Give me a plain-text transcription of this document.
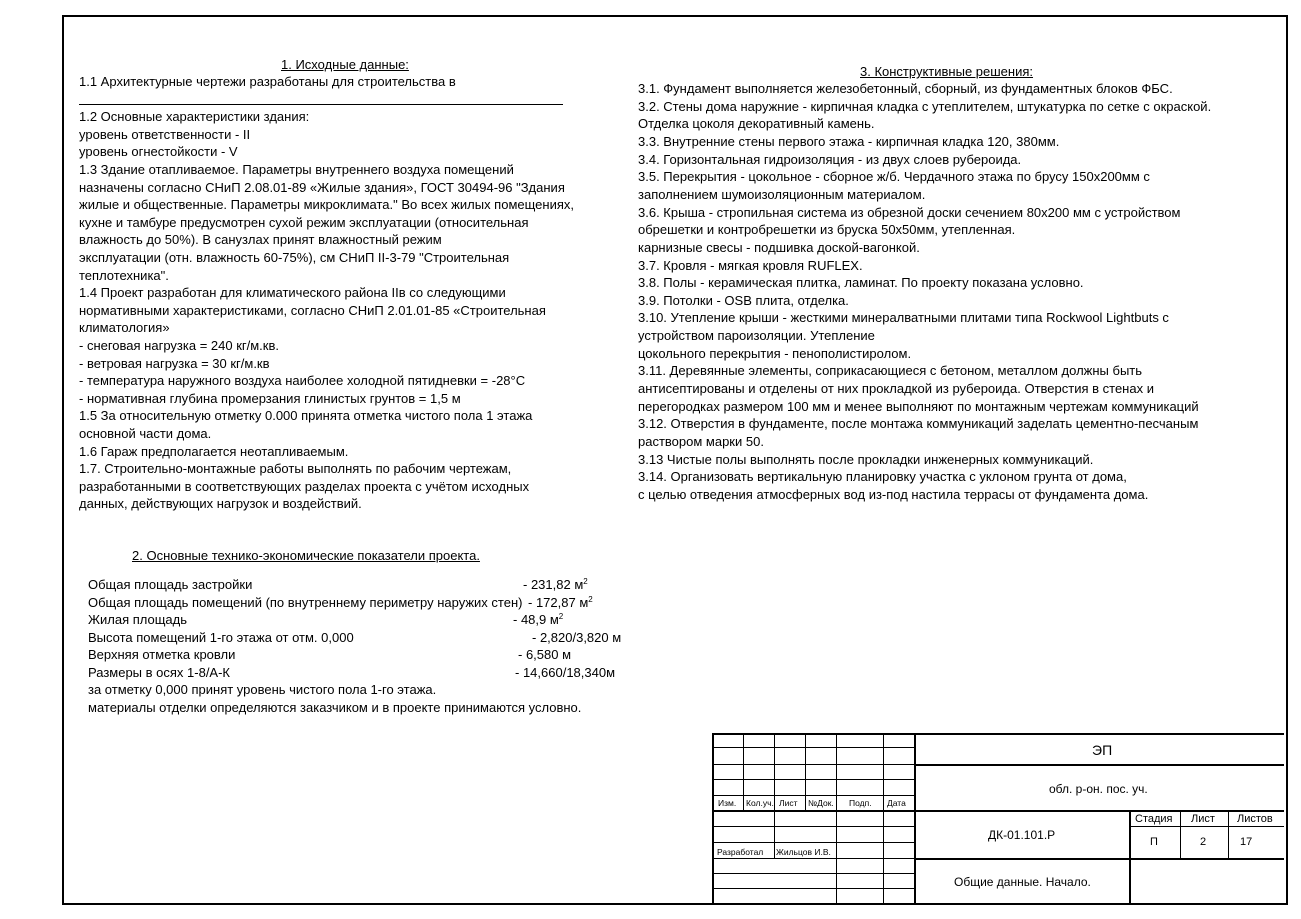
1. Исходные данные:
1.1 Архитектурные чертежи разработаны для строительства в
1.2 Основные характеристики здания:
уровень ответственности - II
уровень огнестойкости - V
1.3 Здание отапливаемое. Параметры внутреннего воздуха помещений
назначены согласно СНиП 2.08.01-89 «Жилые здания», ГОСТ 30494-96 "Здания
жилые и общественные. Параметры микроклимата." Во всех жилых помещениях,
кухне и тамбуре предусмотрен сухой режим эксплуатации (относительная
влажность до 50%). В санузлах принят влажностный режим
эксплуатации (отн. влажность 60-75%), см СНиП II-3-79 "Строительная
теплотехника".
1.4 Проект разработан для климатического района IIв со следующими
нормативными характеристиками, согласно СНиП 2.01.01-85 «Строительная
климатология»
- снеговая нагрузка = 240 кг/м.кв.
- ветровая нагрузка = 30 кг/м.кв
- температура наружного воздуха наиболее холодной пятидневки = -28°С
- нормативная глубина промерзания глинистых грунтов = 1,5 м
1.5 За относительную отметку 0.000 принята отметка чистого пола 1 этажа
основной части дома.
1.6 Гараж предполагается неотапливаемым.
1.7. Строительно-монтажные работы выполнять по рабочим чертежам,
разработанными в соответствующих разделах проекта с учётом исходных
данных, действующих нагрузок и воздействий.
2. Основные технико-экономические показатели проекта.
Общая площадь застройки	- 231,82 $м^2$
Общая площадь помещений (по внутреннему периметру наружих стен) - 172,87 $м^2$
Жилая площадь	- 48,9 $м^2$
Высота помещений 1-го этажа от отм. 0,000	- 2,820/3,820 м
Верхняя отметка кровли	- 6,580 м
Размеры в осях 1-8/А-К	- 14,660/18,340м
за отметку 0,000 принят уровень чистого пола 1-го этажа.
материалы отделки определяются заказчиком и в проекте принимаются условно.
3. Конструктивные решения:
3.1. Фундамент выполняется железобетонный, сборный, из фундаментных блоков ФБС.
3.2. Стены дома наружние - кирпичная кладка с утеплителем, штукатурка по сетке с окраской.
Отделка цоколя декоративный камень.
3.3. Внутренние стены первого этажа - кирпичная кладка 120, 380мм.
3.4. Горизонтальная гидроизоляция - из двух слоев рубероида.
3.5. Перекрытия - цокольное - сборное ж/б. Чердачного этажа по брусу 150х200мм с
заполнением шумоизоляционным материалом.
3.6. Крыша - стропильная система из обрезной доски сечением 80х200 мм с устройством
обрешетки и контробрешетки из бруска 50х50мм, утепленная.
карнизные свесы - подшивка доской-вагонкой.
3.7. Кровля - мягкая кровля RUFLEX.
3.8. Полы - керамическая плитка, ламинат. По проекту показана условно.
3.9. Потолки - OSB плита, отделка.
3.10. Утепление крыши - жесткими минералватными плитами типа Rockwool Lightbuts с
устройством пароизоляции. Утепление
цокольного перекрытия - пенополистиролом.
3.11. Деревянные элементы, соприкасающиеся с бетоном, металлом должны быть
антисептированы и отделены от них прокладкой из рубероида. Отверстия в стенах и
перегородках размером 100 мм и менее выполняют по монтажным чертежам коммуникаций
3.12. Отверстия в фундаменте, после монтажа коммуникаций заделать цементно-песчаным
раствором марки 50.
3.13 Чистые полы выполнять после прокладки инженерных коммуникаций.
3.14. Организовать вертикальную планировку участка с уклоном грунта от дома,
с целью отведения атмосферных вод из-под настила террасы от фундамента дома.
Изм. Кол.уч. Лист №Док. Подп. Дата
Разработал Жильцов И.В.
ЭП
обл. р-он. пос. уч.
ДК-01.101.Р
Общие данные. Начало.
Стадия Лист Листов
П	2	17
